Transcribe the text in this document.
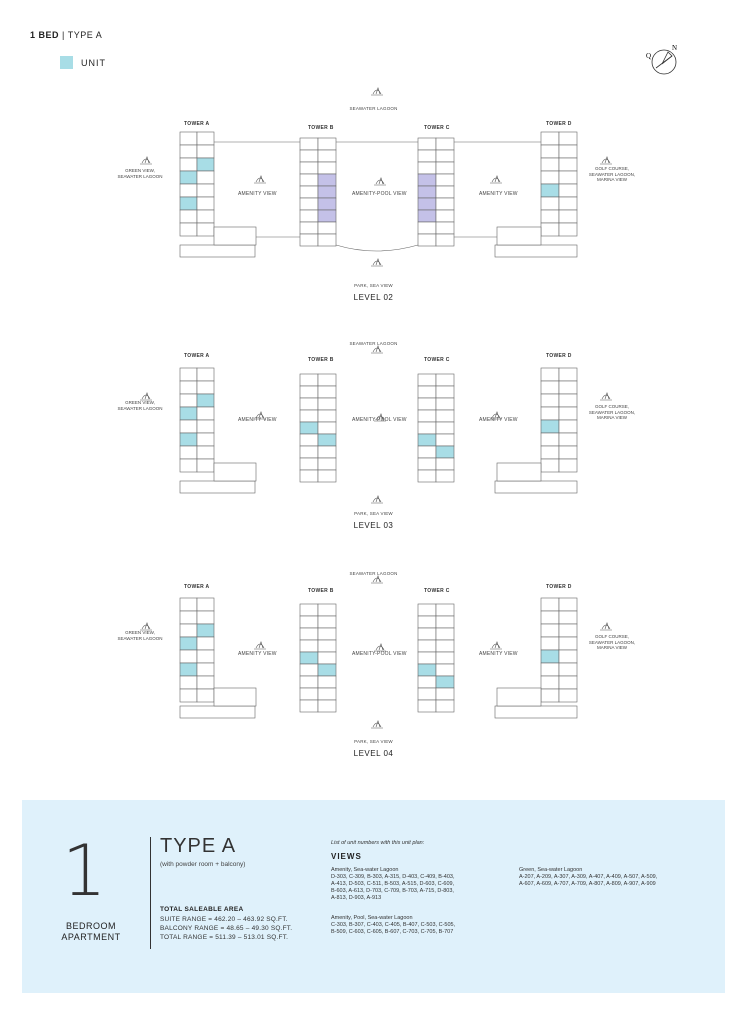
1 BED | TYPE A
UNIT
Q
N
SEAWATER LAGOON
TOWER A
TOWER B	TOWER C
TOWER D
GREEN VIEW,
SEAWATER LAGOON
GOLF COURSE,
SEAWATER LAGOON,
MARINA VIEW
AMENITY VIEW	AMENITY-POOL VIEW	AMENITY VIEW
PARK, SEA VIEW
LEVEL 02
SEAWATER LAGOON
TOWER A
TOWER B	TOWER C
TOWER D
GREEN VIEW,
SEAWATER LAGOON	GOLF COURSE,
SEAWATER LAGOON,
MARINA VIEW
AMENITY VIEW	AMENITY-POOL VIEW	AMENITY VIEW
PARK, SEA VIEW
LEVEL 03
SEAWATER LAGOON
TOWER A
TOWER B	TOWER C
TOWER D
GREEN VIEW,
SEAWATER LAGOON	GOLF COURSE,
SEAWATER LAGOON,
MARINA VIEW
AMENITY VIEW	AMENITY-POOL VIEW	AMENITY VIEW
PARK, SEA VIEW
LEVEL 04
1
BEDROOM
APARTMENT
TYPE A
(with powder room + balcony)
TOTAL SALEABLE AREA
SUITE RANGE = 462.20 – 463.92 SQ.FT.
BALCONY RANGE = 48.65 – 49.30 SQ.FT.
TOTAL RANGE = 511.39 – 513.01 SQ.FT.
List of unit numbers with this unit plan:
VIEWS
Amenity, Sea-water Lagoon
D-303, C-309, B-303, A-315, D-403, C-409, B-403,
A-413, D-503, C-511, B-503, A-515, D-603, C-609,
B-603, A-613, D-703, C-709, B-703, A-715, D-803,
A-813, D-903, A-913
Amenity, Pool, Sea-water Lagoon
C-303, B-307, C-403, C-405, B-407, C-503, C-505,
B-509, C-603, C-605, B-607, C-703, C-705, B-707
Green, Sea-water Lagoon
A-207, A-209, A-307, A-309, A-407, A-409, A-507, A-509,
A-607, A-609, A-707, A-709, A-807, A-809, A-907, A-909
